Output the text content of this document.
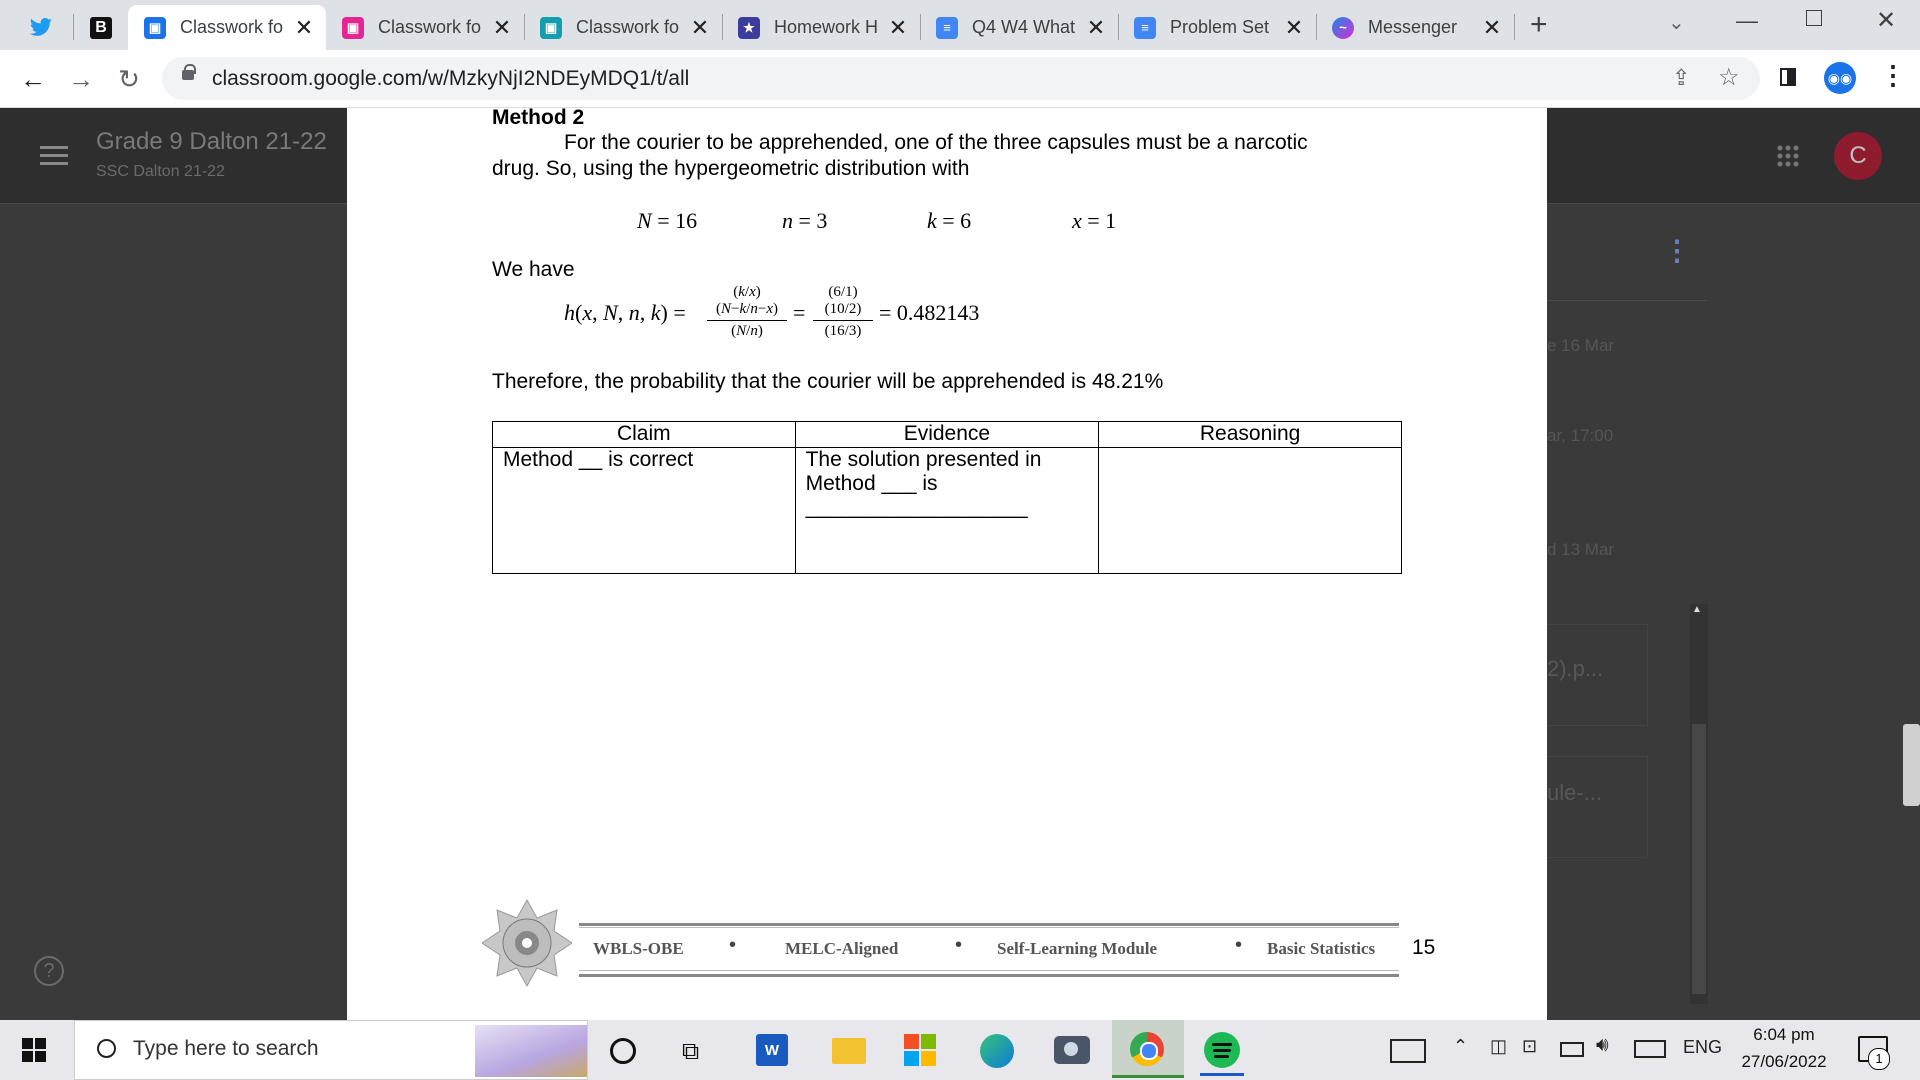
B	▣ Classwork fo ✕	▣ Classwork fo ✕	▣ Classwork fo ✕	★ Homework H ✕	≡	Q4 W4 What ✕	≡	Problem Set ✕	~	Messenger	✕ +	⌄ —	✕
← → ↻	classroom.google.com/w/MzkyNjI2NDEyMDQ1/t/all	⇪ ☆	◉◉ ⋮
Grade 9 Dalton 21-22
SSC Dalton 21-22
C
⋮
e 16 Mar
ar, 17:00
d 13 Mar
2).p...
ule-...
▲
?
Method 2
For the courier to be apprehended, one of the three capsules must be a narcotic
drug. So, using the hypergeometric distribution with
N = 16	n = 3	k = 6	x = 1
We have
h(x, N, n, k) =
(k/x)(N−k/n−x)
(N/n)
=
(6/1)(10/2)
(16/3)
= 0.482143
Therefore, the probability that the courier will be apprehended is 48.21%
Claim	Evidence	Reasoning
Method __ is correct	The solution presented in
Method ___ is
___________________	

WBLS-OBE •	MELC-Aligned	• Self-Learning Module	• Basic Statistics 15
Type here to search	⧉	W	⌃ ◫ ⊡	🔊︎	ENG
6:04 pm
27/06/2022	1
